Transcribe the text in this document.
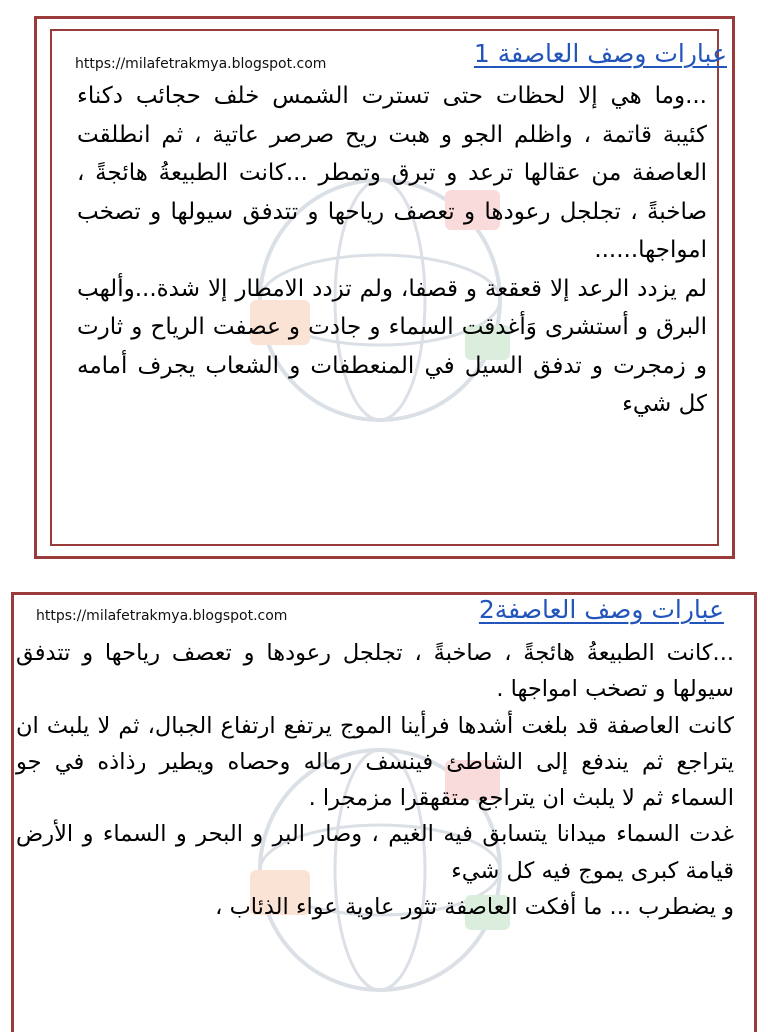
https://milafetrakmya.blogspot.com	عبارات وصف العاصفة 1

...وما هي إلا لحظات حتى تسترت الشمس خلف حجائب دكناء كئيبة قاتمة ، واظلم الجو و هبت ريح صرصر عاتية ، ثم انطلقت العاصفة من عقالها ترعد و تبرق وتمطر ...كانت الطبيعةُ هائجةً ، صاخبةً ، تجلجل رعودها و تعصف رياحها و تتدفق سيولها و تصخب امواجها......

لم يزدد الرعد إلا قعقعة و قصفا، ولم تزدد الامطار إلا شدة...وألهب البرق و أستشرى وَأغدقت السماء و جادت و عصفت الرياح و ثارت و زمجرت و تدفق السيل في المنعطفات و الشعاب يجرف أمامه كل شيء

https://milafetrakmya.blogspot.com	عبارات وصف العاصفة2

...كانت الطبيعةُ هائجةً ، صاخبةً ، تجلجل رعودها و تعصف رياحها و تتدفق سيولها و تصخب امواجها .

كانت العاصفة قد بلغت أشدها فرأينا الموج يرتفع ارتفاع الجبال، ثم لا يلبث ان يتراجع ثم يندفع إلى الشاطئ فينسف رماله وحصاه ويطير رذاذه في جو السماء ثم لا يلبث ان يتراجع متقهقرا مزمجرا .

غدت السماء ميدانا يتسابق فيه الغيم ، وصار البر و البحر و السماء و الأرض قيامة كبرى يموج فيه كل شيء

و يضطرب ... ما أفكت العاصفة تثور عاوية عواء الذئاب ،
